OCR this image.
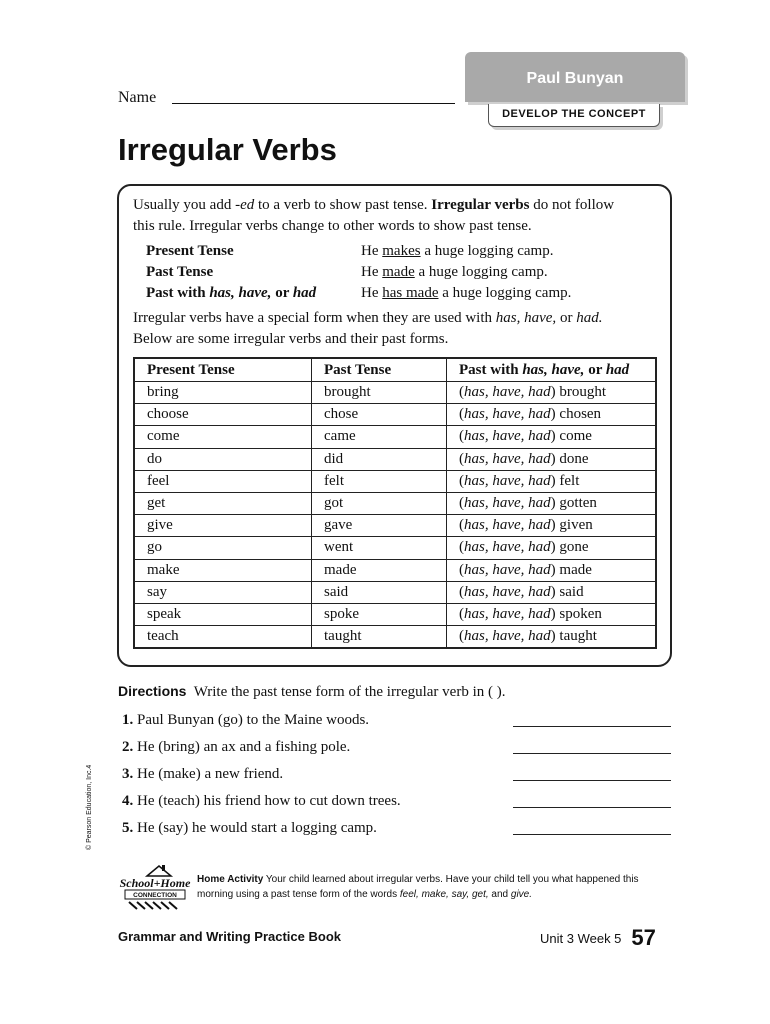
Paul Bunyan
DEVELOP THE CONCEPT
Name
Irregular Verbs
Usually you add -ed to a verb to show past tense. Irregular verbs do not follow
this rule. Irregular verbs change to other words to show past tense.
Present Tense	He makes a huge logging camp.
Past Tense	He made a huge logging camp.
Past with has, have, or had	He has made a huge logging camp.
Irregular verbs have a special form when they are used with has, have, or had.
Below are some irregular verbs and their past forms.
Present Tense	Past Tense	Past with has, have, or had
bring	brought	(has, have, had) brought
choose	chose	(has, have, had) chosen
come	came	(has, have, had) come
do	did	(has, have, had) done
feel	felt	(has, have, had) felt
get	got	(has, have, had) gotten
give	gave	(has, have, had) given
go	went	(has, have, had) gone
make	made	(has, have, had) made
say	said	(has, have, had) said
speak	spoke	(has, have, had) spoken
teach	taught	(has, have, had) taught
Directions Write the past tense form of the irregular verb in ( ).
1. Paul Bunyan (go) to the Maine woods.
2. He (bring) an ax and a fishing pole.
3. He (make) a new friend.
4. He (teach) his friend how to cut down trees.
5. He (say) he would start a logging camp.
© Pearson Education, Inc.4
School+Home
CONNECTION
Home Activity Your child learned about irregular verbs. Have your child tell you what happened this morning using a past tense form of the words feel, make, say, get, and give.
Grammar and Writing Practice Book	Unit 3 Week 5 57
